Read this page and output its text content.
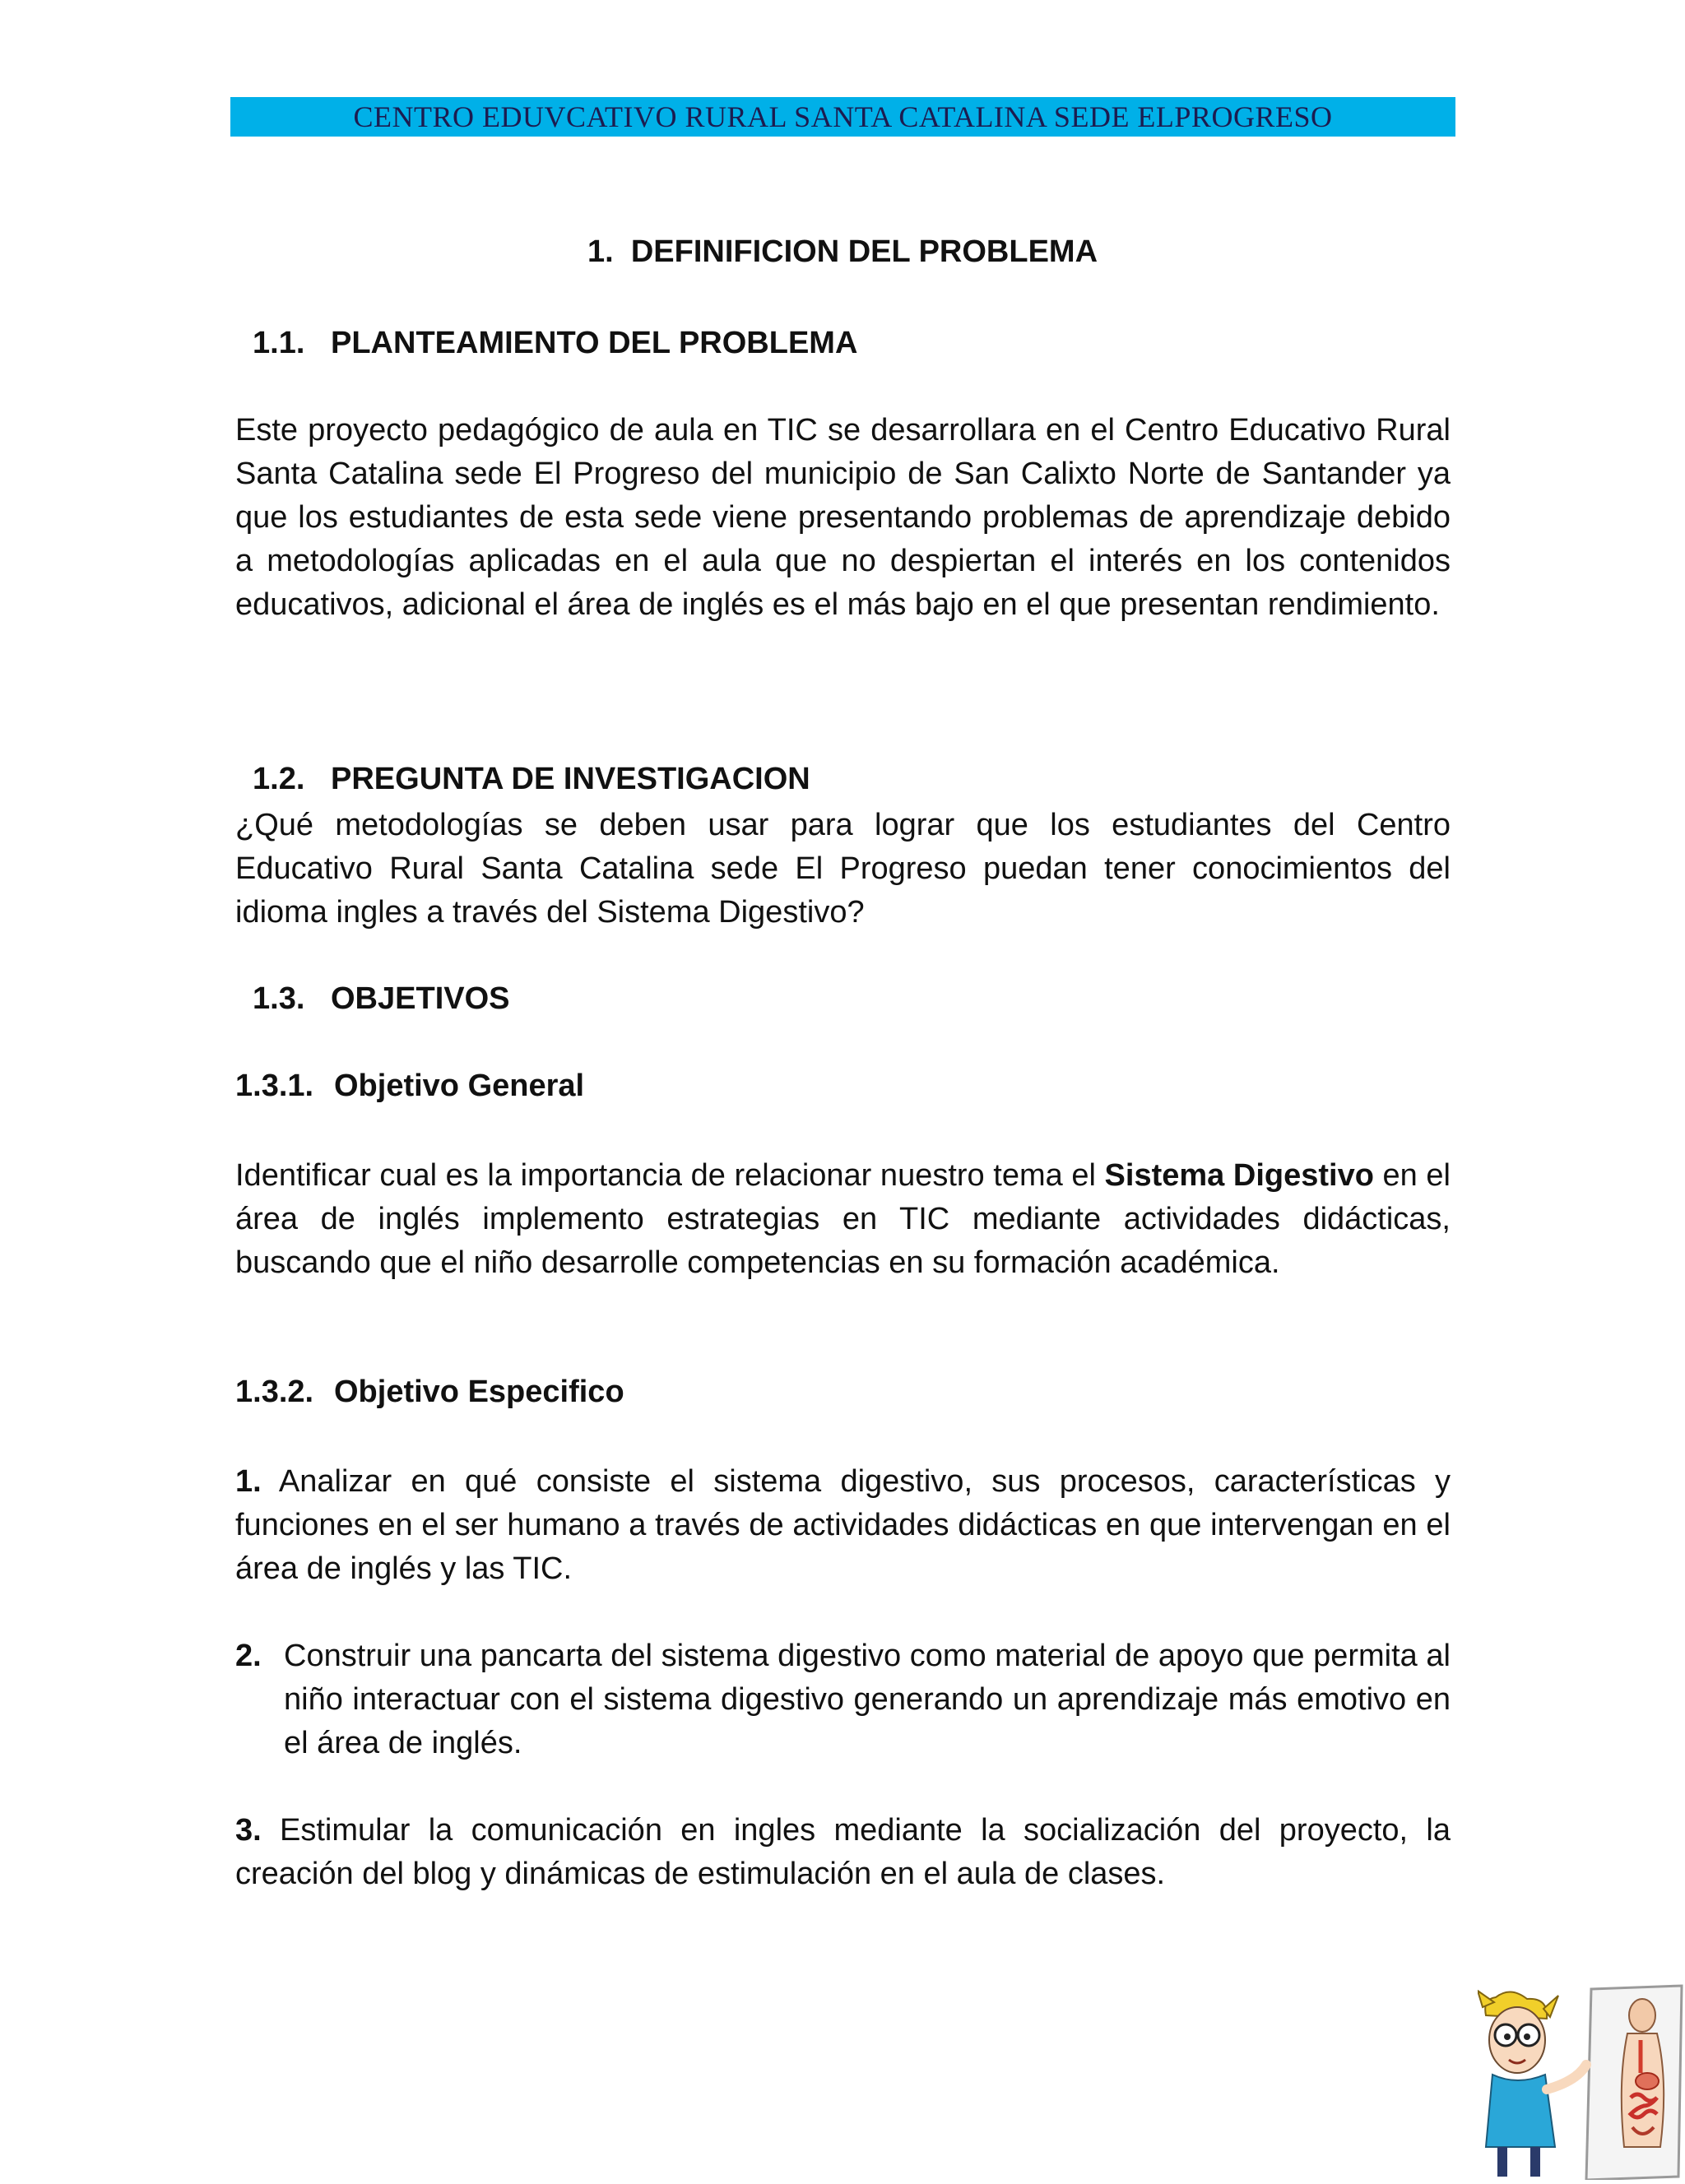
CENTRO EDUVCATIVO RURAL SANTA CATALINA SEDE ELPROGRESO
1. DEFINIFICION DEL PROBLEMA
1.1. PLANTEAMIENTO DEL PROBLEMA
Este proyecto pedagógico de aula en TIC se desarrollara en el Centro Educativo Rural Santa Catalina sede El Progreso del municipio de San Calixto Norte de Santander ya que los estudiantes de esta sede viene presentando problemas de aprendizaje debido a metodologías aplicadas en el aula que no despiertan el interés en los contenidos educativos, adicional el área de inglés es el más bajo en el que presentan rendimiento.
1.2. PREGUNTA DE INVESTIGACION
¿Qué metodologías se deben usar para lograr que los estudiantes del Centro Educativo Rural Santa Catalina sede El Progreso puedan tener conocimientos del idioma ingles a través del Sistema Digestivo?
1.3. OBJETIVOS
1.3.1. Objetivo General
Identificar cual es la importancia de relacionar nuestro tema el Sistema Digestivo en el área de inglés implemento estrategias en TIC mediante actividades didácticas, buscando que el niño desarrolle competencias en su formación académica.
1.3.2. Objetivo Especifico
1. Analizar en qué consiste el sistema digestivo, sus procesos, características y funciones en el ser humano a través de actividades didácticas en que intervengan en el área de inglés y las TIC.
2. Construir una pancarta del sistema digestivo como material de apoyo que permita al niño interactuar con el sistema digestivo generando un aprendizaje más emotivo en el área de inglés.
3. Estimular la comunicación en ingles mediante la socialización del proyecto, la creación del blog y dinámicas de estimulación en el aula de clases.
